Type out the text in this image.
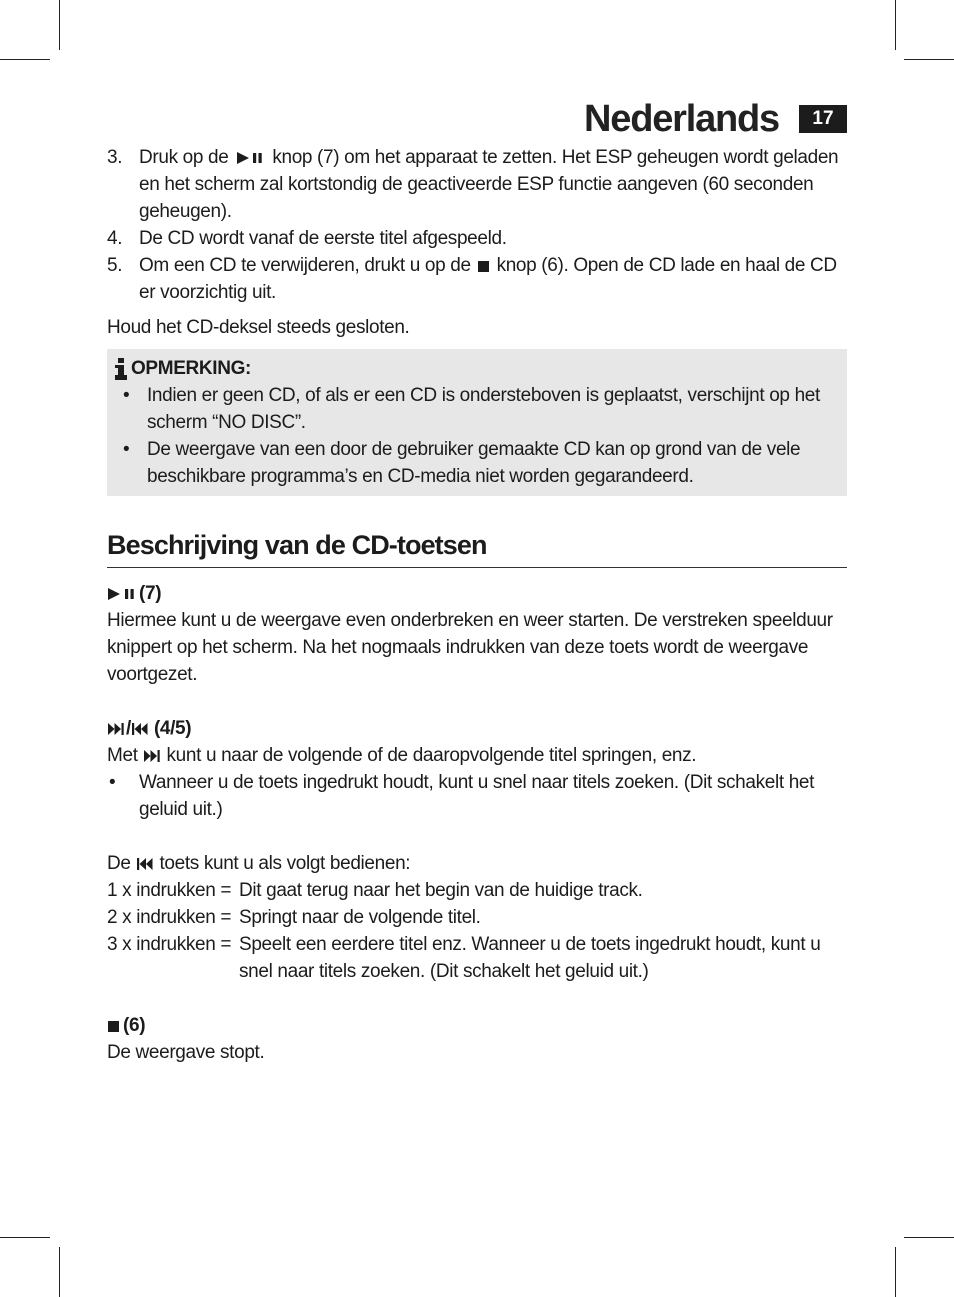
Nederlands	17
3. Druk op de knop (7) om het apparaat te zetten. Het ESP geheugen wordt geladen en het scherm zal kortstondig de geactiveerde ESP functie aangeven (60 seconden geheugen).
4. De CD wordt vanaf de eerste titel afgespeeld.
5. Om een CD te verwijderen, drukt u op de knop (6). Open de CD lade en haal de CD er voorzichtig uit.
Houd het CD-deksel steeds gesloten.
OPMERKING:
• Indien er geen CD, of als er een CD is ondersteboven is geplaatst, verschijnt op het scherm “NO DISC”.
• De weergave van een door de gebruiker gemaakte CD kan op grond van de vele beschikbare programma’s en CD-media niet worden gegarandeerd.
Beschrijving van de CD-toetsen
(7)
Hiermee kunt u de weergave even onderbreken en weer starten. De verstreken speelduur knippert op het scherm. Na het nogmaals indrukken van deze toets wordt de weergave voortgezet.
/ (4/5)
Met kunt u naar de volgende of de daaropvolgende titel springen, enz.
• Wanneer u de toets ingedrukt houdt, kunt u snel naar titels zoeken. (Dit schakelt het geluid uit.)
De toets kunt u als volgt bedienen:
1 x indrukken = Dit gaat terug naar het begin van de huidige track.
2 x indrukken = Springt naar de volgende titel.
3 x indrukken = Speelt een eerdere titel enz. Wanneer u de toets ingedrukt houdt, kunt u snel naar titels zoeken. (Dit schakelt het geluid uit.)
(6)
De weergave stopt.
